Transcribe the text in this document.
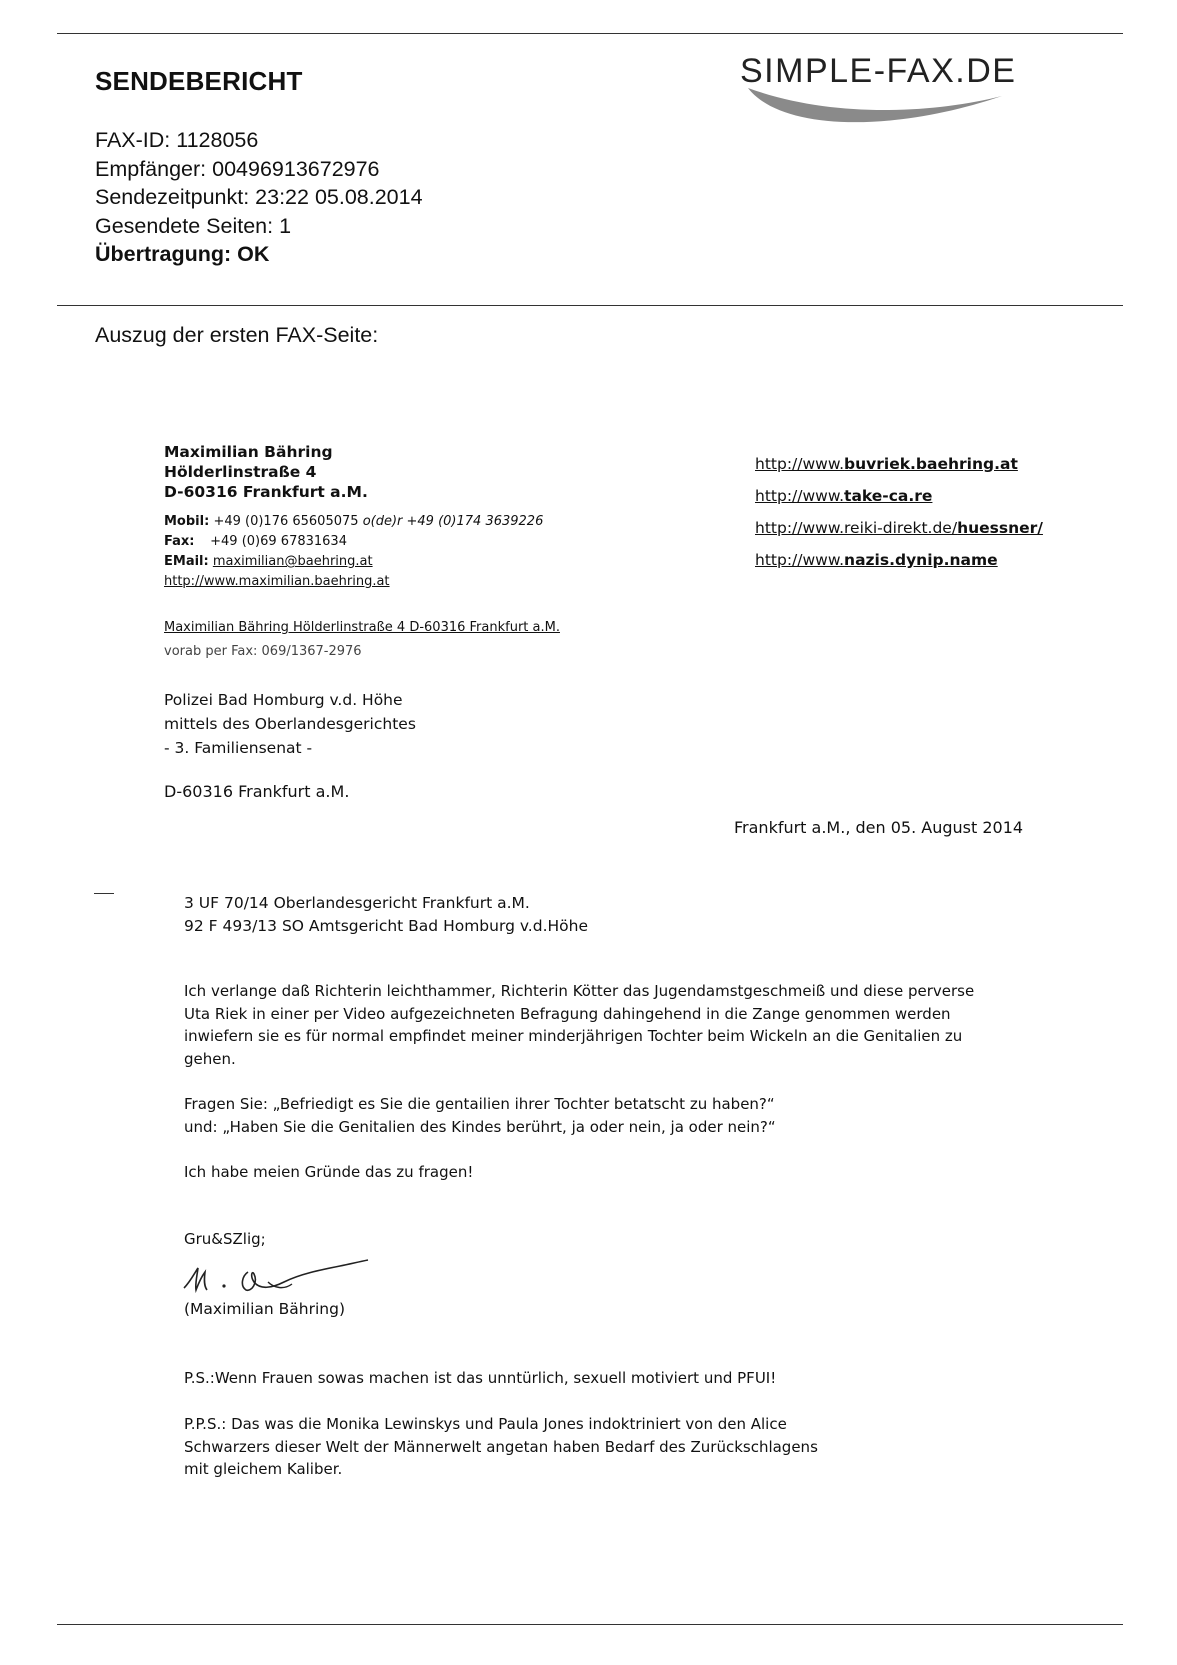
SENDEBERICHT	SIMPLE-FAX.DE
FAX-ID: 1128056
Empfänger: 00496913672976
Sendezeitpunkt: 23:22 05.08.2014
Gesendete Seiten: 1
Übertragung: OK
Auszug der ersten FAX-Seite:
Maximilian Bähring
Hölderlinstraße 4
D-60316 Frankfurt a.M.
Mobil: +49 (0)176 65605075 o(de)r +49 (0)174 3639226
Fax: +49 (0)69 67831634
EMail: maximilian@baehring.at
http://www.maximilian.baehring.at
http://www.buvriek.baehring.at
http://www.take-ca.re
http://www.reiki-direkt.de/huessner/
http://www.nazis.dynip.name
Maximilian Bähring Hölderlinstraße 4 D-60316 Frankfurt a.M.
vorab per Fax: 069/1367-2976
Polizei Bad Homburg v.d. Höhe
mittels des Oberlandesgerichtes
- 3. Familiensenat -
D-60316 Frankfurt a.M.
Frankfurt a.M., den 05. August 2014
3 UF 70/14 Oberlandesgericht Frankfurt a.M.
92 F 493/13 SO Amtsgericht Bad Homburg v.d.Höhe
Ich verlange daß Richterin leichthammer, Richterin Kötter das Jugendamstgeschmeiß und diese perverse
Uta Riek in einer per Video aufgezeichneten Befragung dahingehend in die Zange genommen werden
inwiefern sie es für normal empfindet meiner minderjährigen Tochter beim Wickeln an die Genitalien zu
gehen.
Fragen Sie: „Befriedigt es Sie die gentailien ihrer Tochter betatscht zu haben?“
und: „Haben Sie die Genitalien des Kindes berührt, ja oder nein, ja oder nein?“
Ich habe meien Gründe das zu fragen!
Gru&SZlig;
(Maximilian Bähring)
P.S.:Wenn Frauen sowas machen ist das unntürlich, sexuell motiviert und PFUI!
P.P.S.: Das was die Monika Lewinskys und Paula Jones indoktriniert von den Alice
Schwarzers dieser Welt der Männerwelt angetan haben Bedarf des Zurückschlagens
mit gleichem Kaliber.
